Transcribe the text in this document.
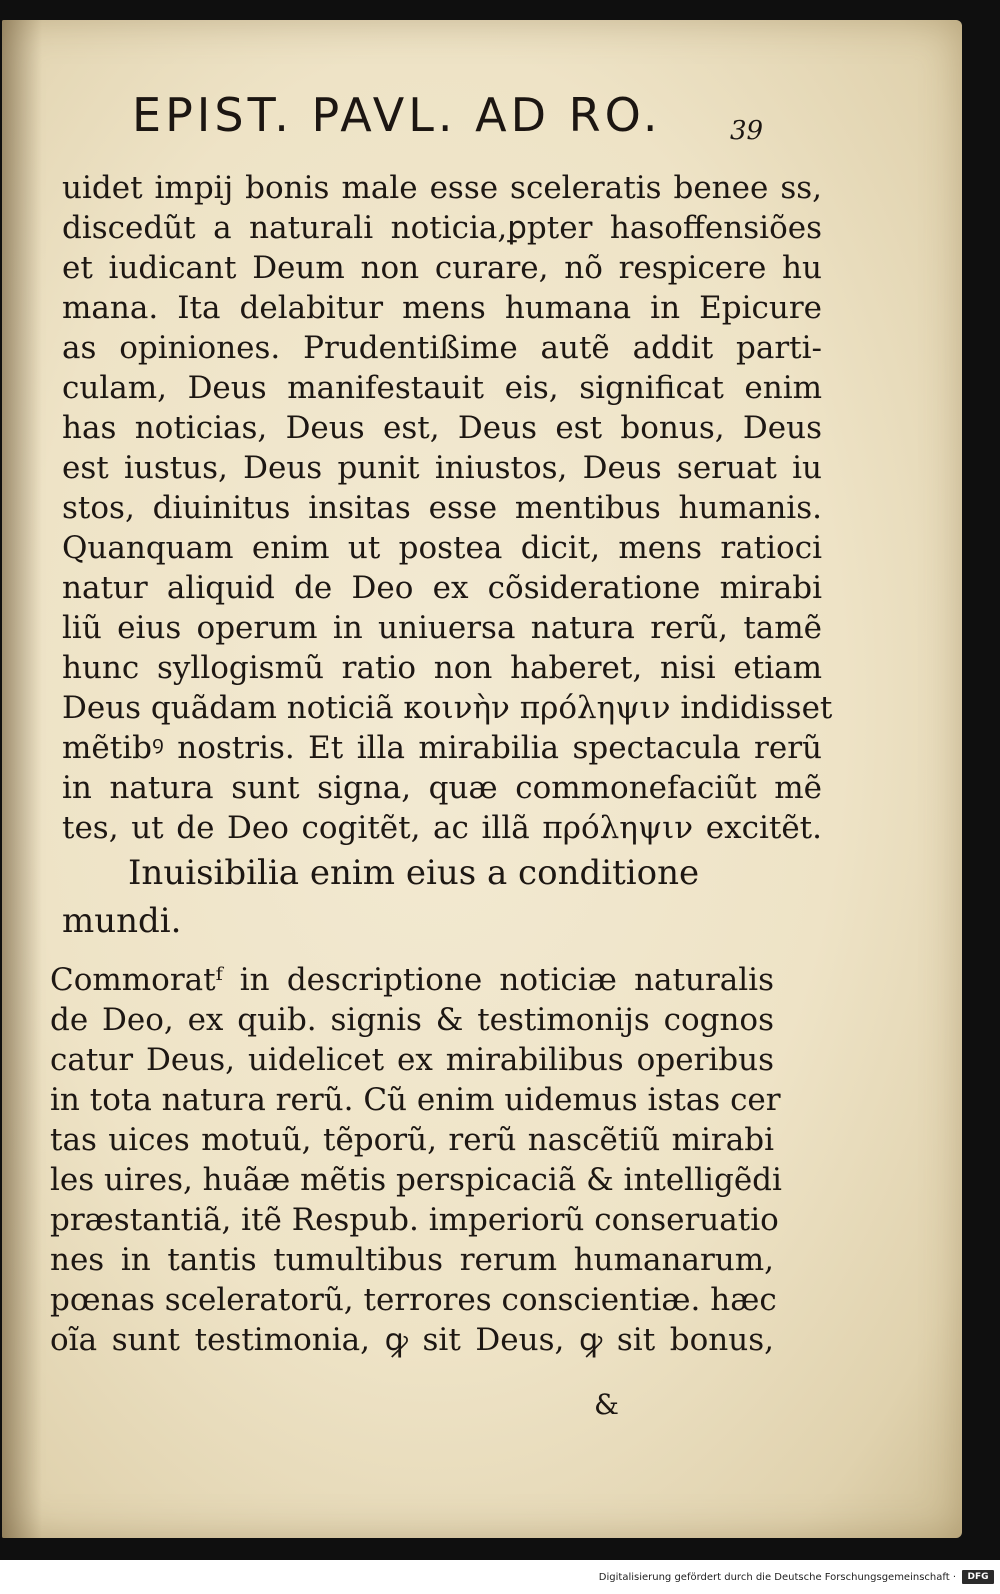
EPIST. PAVL. AD RO.	39
uidet impij bonis male esse sceleratis benee ss,
discedũt a naturali noticia,ꝑpter hasoffensiões
et iudicant Deum non curare, nõ respicere hu
mana. Ita delabitur mens humana in Epicure
as opiniones. Prudentißime autẽ addit parti-
culam, Deus manifestauit eis, significat enim
has noticias, Deus est, Deus est bonus, Deus
est iustus, Deus punit iniustos, Deus seruat iu
stos, diuinitus insitas esse mentibus humanis.
Quanquam enim ut postea dicit, mens ratioci
natur aliquid de Deo ex cõsideratione mirabi
liũ eius operum in uniuersa natura rerũ, tamẽ
hunc syllogismũ ratio non haberet, nisi etiam
Deus quãdam noticiã κοινὴν πρόληψιν indidisset
mẽtibꝰ nostris. Et illa mirabilia spectacula rerũ
in natura sunt signa, quæ commonefaciũt mẽ
tes, ut de Deo cogitẽt, ac illã πρόληψιν excitẽt.
Inuisibilia enim eius a conditione
mundi.
Commoratᶠ in descriptione noticiæ naturalis
de Deo, ex quib. signis & testimonijs cognos
catur Deus, uidelicet ex mirabilibus operibus
in tota natura rerũ. Cũ enim uidemus istas cer
tas uices motuũ, tẽporũ, rerũ nascẽtiũ mirabi
les uires, huãæ mẽtis perspicaciã & intelligẽdi
præstantiã, itẽ Respub. imperiorũ conseruatio
nes in tantis tumultibus rerum humanarum,
pœnas sceleratorũ, terrores conscientiæ. hæc
oĩa sunt testimonia, ꝙ sit Deus, ꝙ sit bonus,
&
Digitalisierung gefördert durch die Deutsche Forschungsgemeinschaft ·	DFG
